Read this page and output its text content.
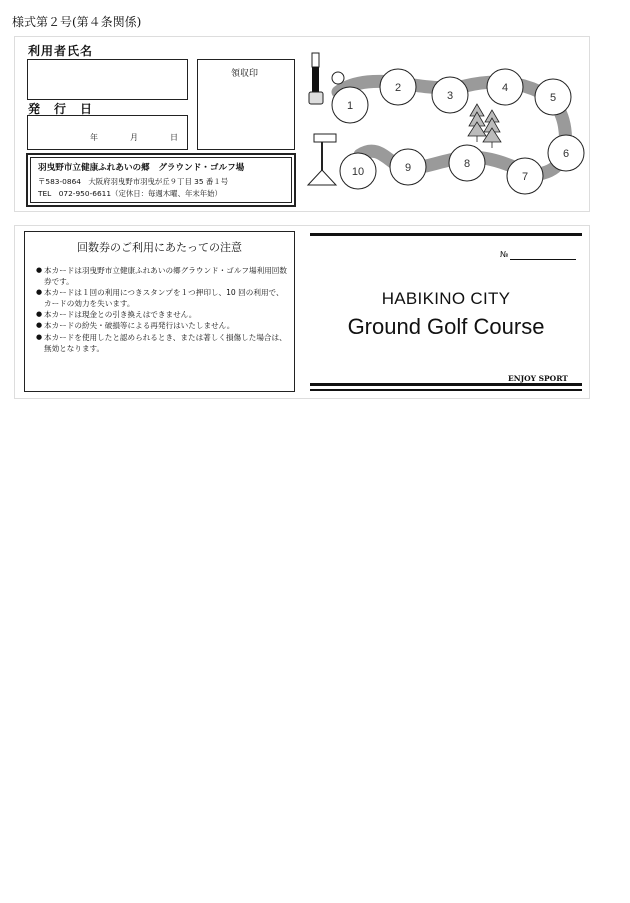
様式第２号(第４条関係)
利用者氏名
発　行　日
年	月	日
領収印
羽曳野市立健康ふれあいの郷　グラウンド・ゴルフ場
〒583-0864　大阪府羽曳野市羽曳が丘９丁目 35 番１号
TEL　072-950-6611（定休日：毎週木曜、年末年始）
1
2
3
4
5
6
7
8
9
10
回数券のご利用にあたっての注意
● 本カードは羽曳野市立健康ふれあいの郷グラウンド・ゴルフ場利用回数券です。
● 本カードは１回の利用につきスタンプを１つ押印し、10 回の利用で、カードの効力を失います。
● 本カードは現金との引き換えはできません。
● 本カードの紛失・破損等による再発行はいたしません。
● 本カードを使用したと認められるとき、または著しく損傷した場合は、無効となります。
№
HABIKINO CITY
Ground Golf Course
ENJOY SPORT
